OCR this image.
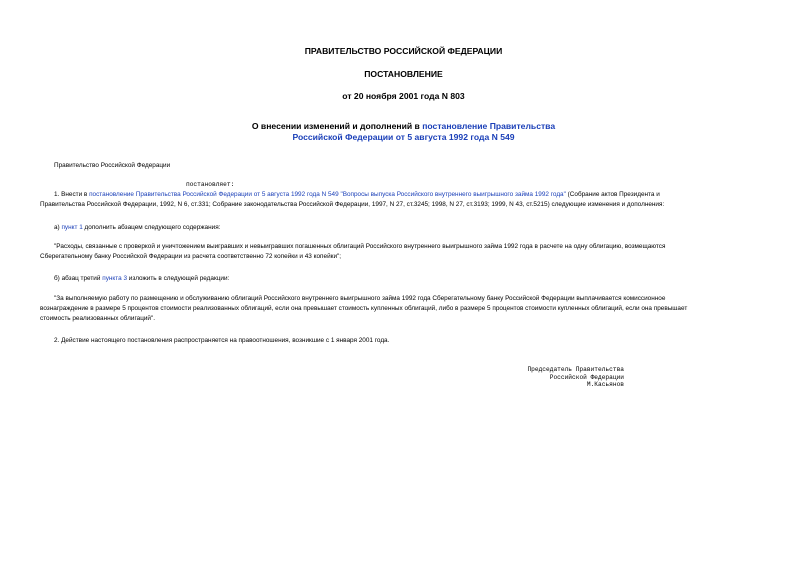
ПРАВИТЕЛЬСТВО РОССИЙСКОЙ ФЕДЕРАЦИИ
ПОСТАНОВЛЕНИЕ
от 20 ноября 2001 года N 803
О внесении изменений и дополнений в постановление Правительства
Российской Федерации от 5 августа 1992 года N 549
Правительство Российской Федерации
постановляет:
1. Внести в постановление Правительства Российской Федерации от 5 августа 1992 года N 549 "Вопросы выпуска Российского внутреннего выигрышного займа 1992 года" (Собрание актов Президента и
Правительства Российской Федерации, 1992, N 6, ст.331; Собрание законодательства Российской Федерации, 1997, N 27, ст.3245; 1998, N 27, ст.3193; 1999, N 43, ст.5215) следующие изменения и дополнения:
а) пункт 1 дополнить абзацем следующего содержания:
"Расходы, связанные с проверкой и уничтожением выигравших и невыигравших погашенных облигаций Российского внутреннего выигрышного займа 1992 года в расчете на одну облигацию, возмещаются
Сберегательному банку Российской Федерации из расчета соответственно 72 копейки и 43 копейки";
б) абзац третий пункта 3 изложить в следующей редакции:
"За выполняемую работу по размещению и обслуживанию облигаций Российского внутреннего выигрышного займа 1992 года Сберегательному банку Российской Федерации выплачивается комиссионное
вознаграждение в размере 5 процентов стоимости реализованных облигаций, если она превышает стоимость купленных облигаций, либо в размере 5 процентов стоимости купленных облигаций, если она превышает
стоимость реализованных облигаций".
2. Действие настоящего постановления распространяется на правоотношения, возникшие с 1 января 2001 года.
Председатель Правительства
Российской Федерации
М.Касьянов
